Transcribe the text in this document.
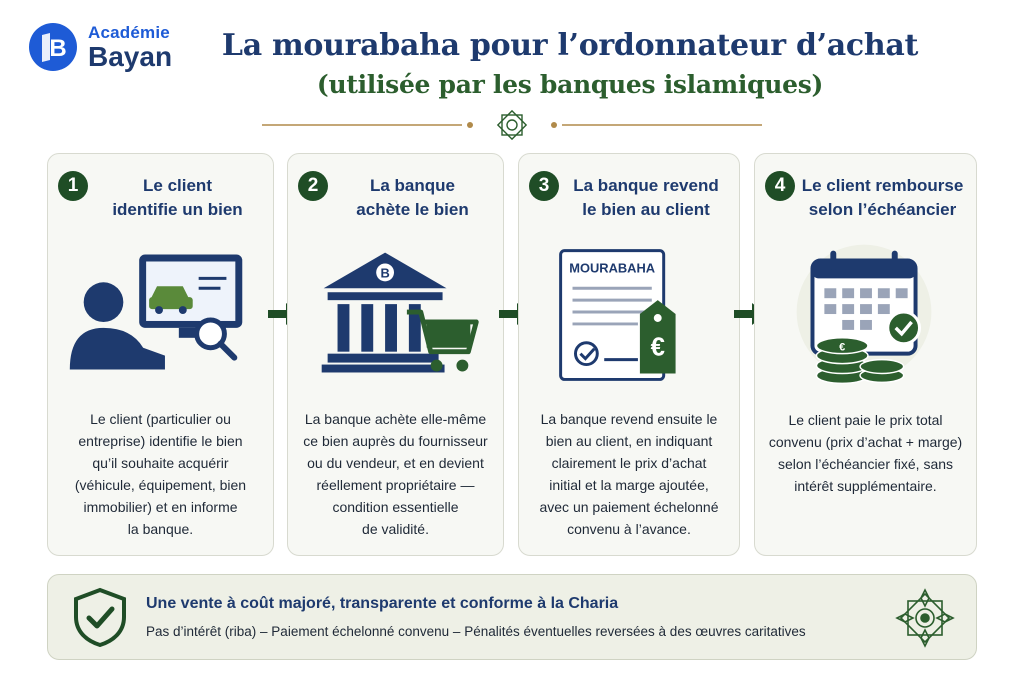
B
Académie
Bayan	La mourabaha pour l’ordonnateur d’achat
(utilisée par les banques islamiques)
1	Le client
identifie un bien
Le client (particulier ou
entreprise) identifie le bien
qu’il souhaite acquérir
(véhicule, équipement, bien
immobilier) et en informe
la banque.
2	La banque
achète le bien
B
La banque achète elle-même
ce bien auprès du fournisseur
ou du vendeur, et en devient
réellement propriétaire —
condition essentielle
de validité.
3	La banque revend
le bien au client
MOURABAHA
€
La banque revend ensuite le
bien au client, en indiquant
clairement le prix d’achat
initial et la marge ajoutée,
avec un paiement échelonné
convenu à l’avance.
4 Le client rembourse
selon l’échéancier
€
Le client paie le prix total
convenu (prix d’achat + marge)
selon l’échéancier fixé, sans
intérêt supplémentaire.
Une vente à coût majoré, transparente et conforme à la Charia
Pas d’intérêt (riba) – Paiement échelonné convenu – Pénalités éventuelles reversées à des œuvres caritatives
